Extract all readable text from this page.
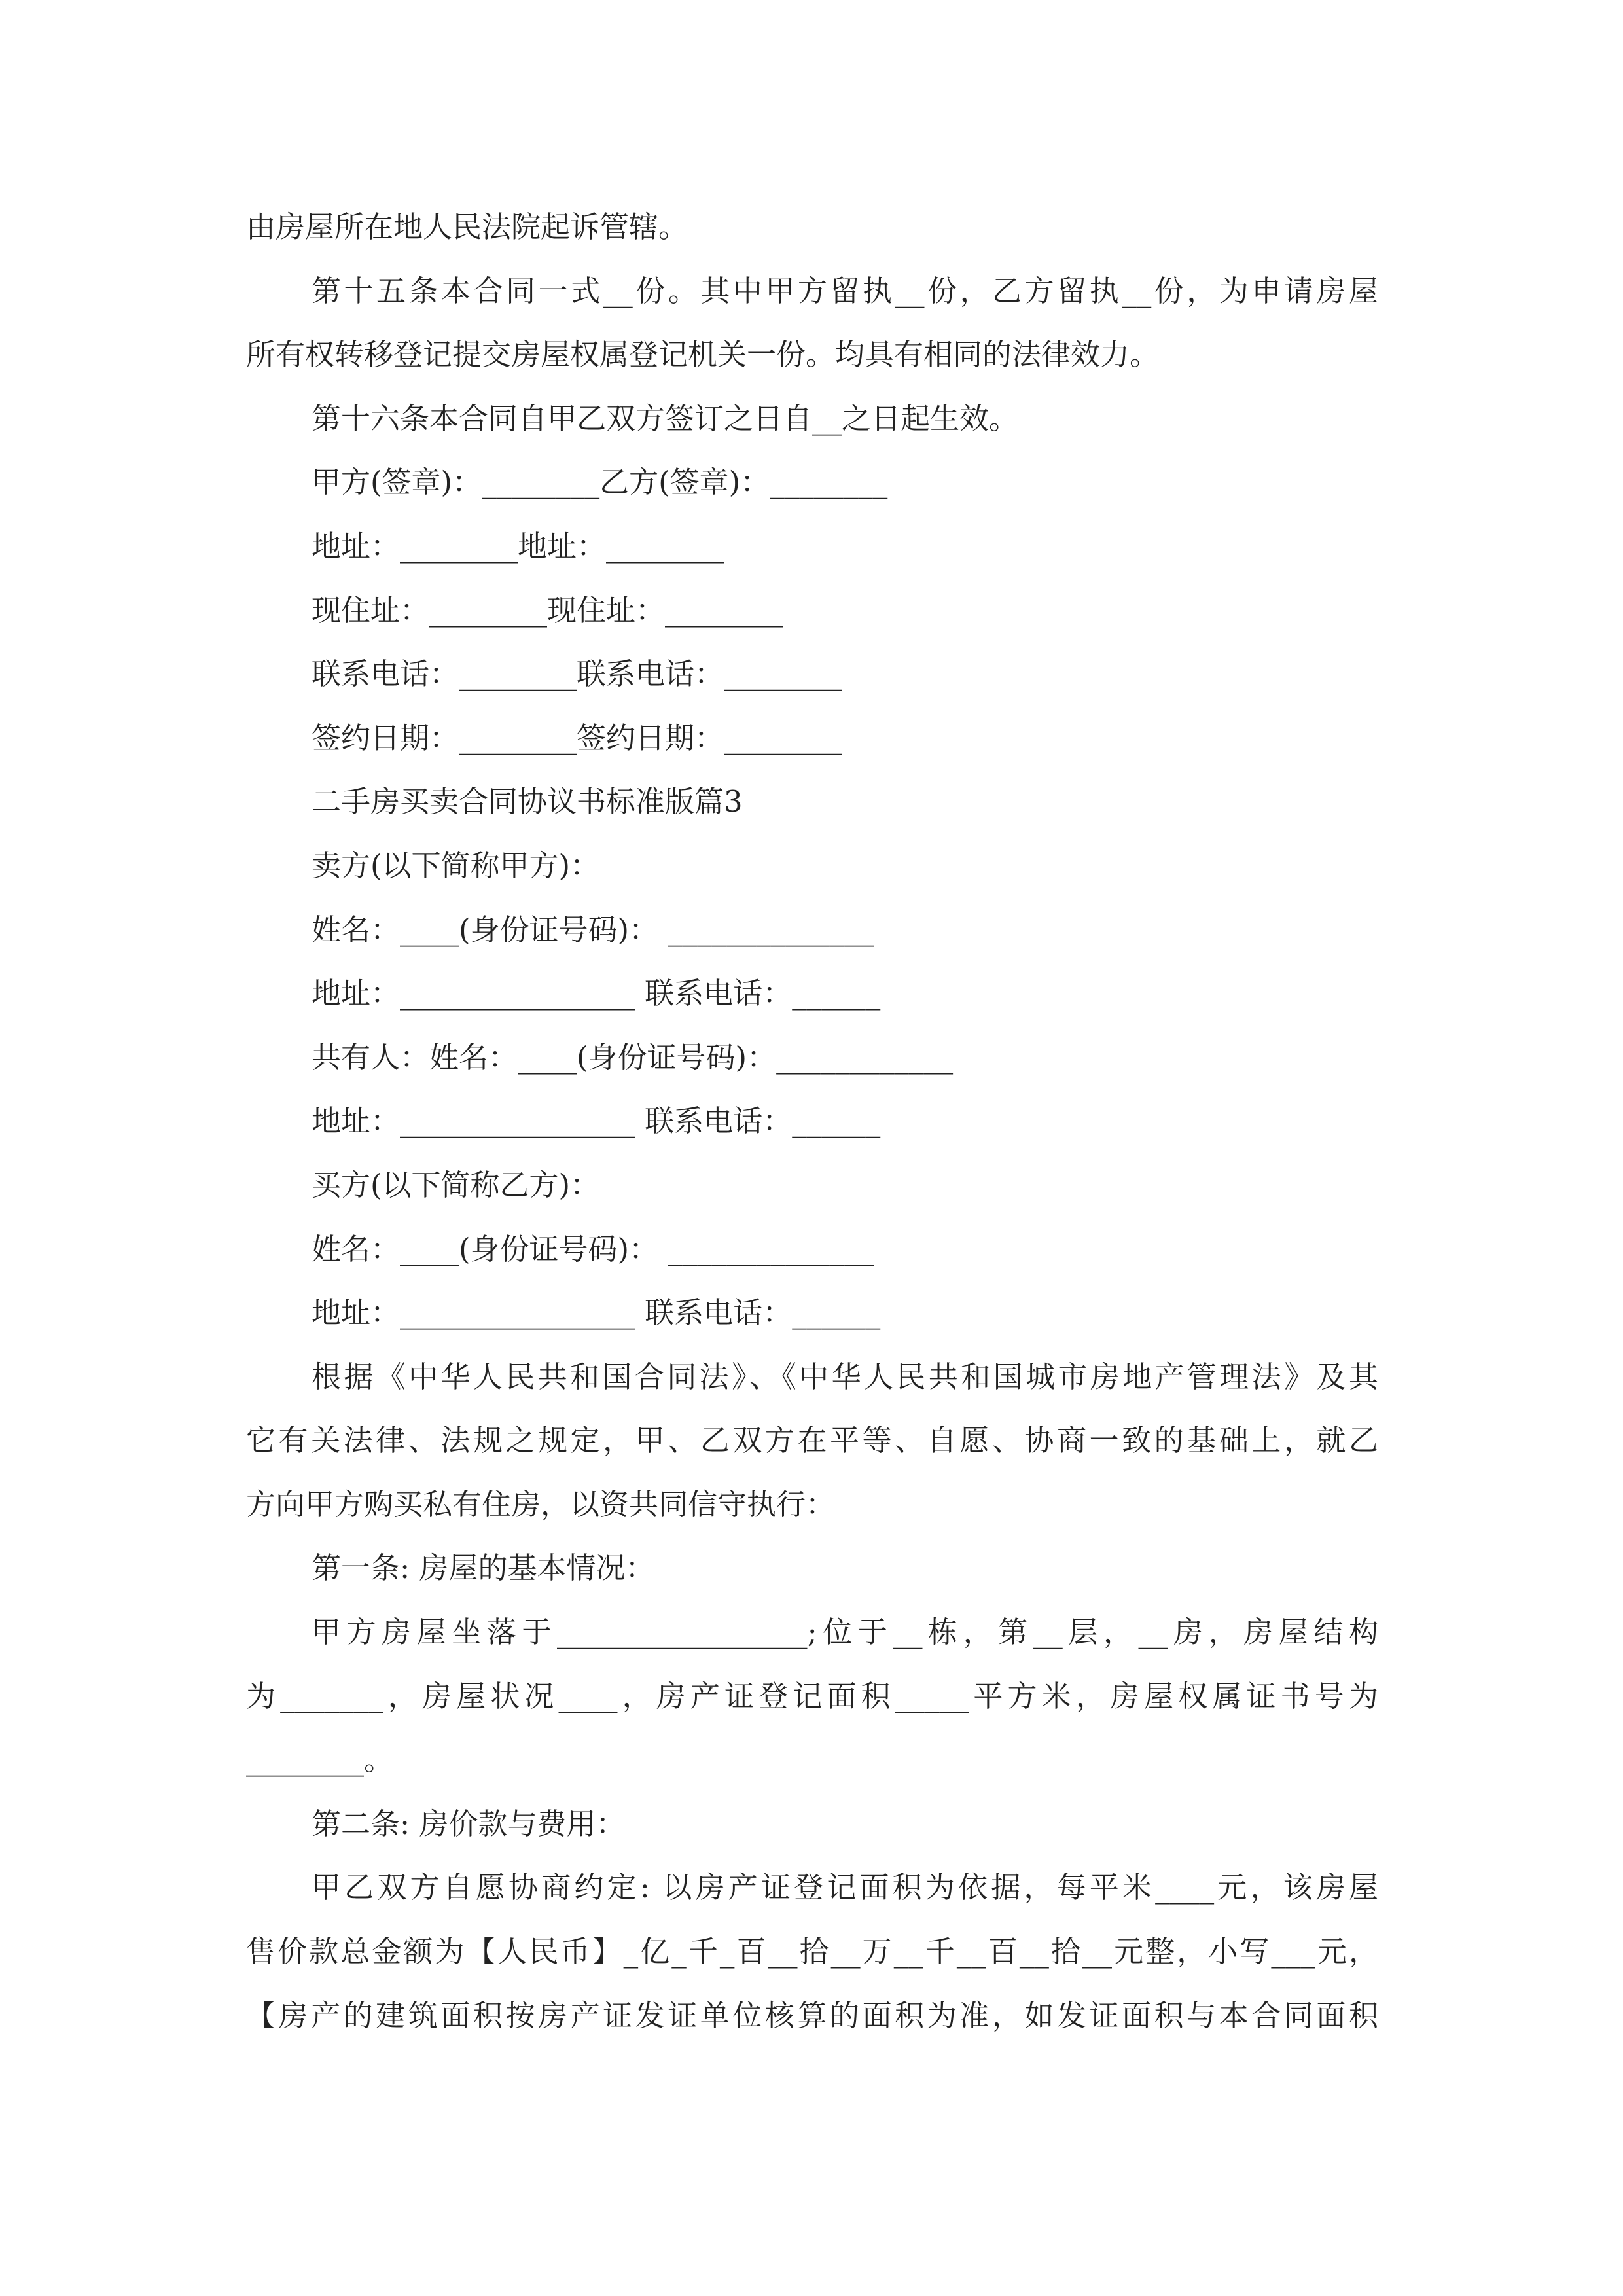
由房屋所在地人民法院起诉管辖。
第十五条本合同一式__份。其中甲方留执__份，乙方留执__份，为申请房屋
所有权转移登记提交房屋权属登记机关一份。均具有相同的法律效力。
第十六条本合同自甲乙双方签订之日自__之日起生效。
甲方(签章)：________乙方(签章)：________
地址：________地址：________
现住址：________现住址：________
联系电话：________联系电话：________
签约日期：________签约日期：________
二手房买卖合同协议书标准版篇3
卖方(以下简称甲方)：
姓名：____(身份证号码)： ______________
地址：________________ 联系电话：______
共有人：姓名：____(身份证号码)：____________
地址：________________ 联系电话：______
买方(以下简称乙方)：
姓名：____(身份证号码)： ______________
地址：________________ 联系电话：______
根据《中华人民共和国合同法》、《中华人民共和国城市房地产管理法》及其
它有关法律、法规之规定，甲、乙双方在平等、自愿、协商一致的基础上，就乙
方向甲方购买私有住房，以资共同信守执行：
第一条: 房屋的基本情况：
甲方房屋坐落于_________________;位于__栋，第__层，__房，房屋结构
为_______，房屋状况____，房产证登记面积_____平方米，房屋权属证书号为
________。
第二条: 房价款与费用：
甲乙双方自愿协商约定: 以房产证登记面积为依据，每平米____元，该房屋
售价款总金额为【人民币】_亿_千_百__拾__万__千__百__拾__元整，小写___元，
【房产的建筑面积按房产证发证单位核算的面积为准，如发证面积与本合同面积
